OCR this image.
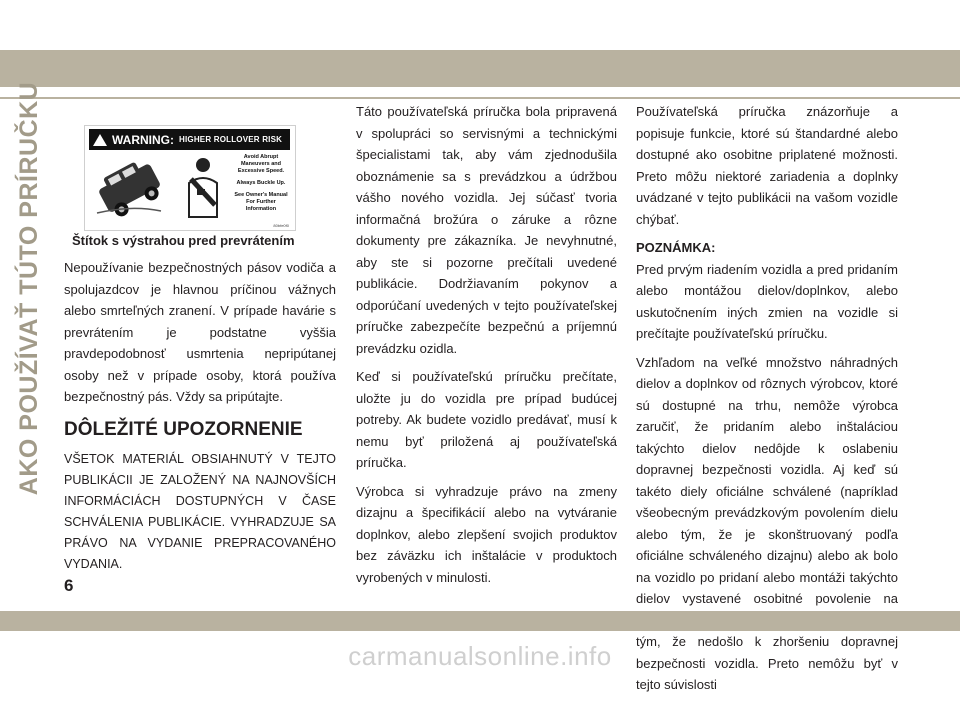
AKO POUŽÍVAŤ TÚTO PRÍRUČKU	WARNING: HIGHER ROLLOVER RISK
Avoid Abrupt Maneuvers and Excessive Speed.
Always Buckle Up.
See Owner's Manual For Further Information
80bfe0f0
Štítok s výstrahou pred prevrátením

Nepoužívanie bezpečnostných pásov vodiča a spolujazdcov je hlavnou príčinou vážnych alebo smrteľných zranení. V prípade havárie s prevrátením je podstatne vyššia pravdepodobnosť usmrtenia nepripútanej osoby než v prípade osoby, ktorá používa bezpečnostný pás. Vždy sa pripútajte.

DÔLEŽITÉ UPOZORNENIE

VŠETOK MATERIÁL OBSIAHNUTÝ V TEJTO PUBLIKÁCII JE ZALOŽENÝ NA NAJNOVŠÍCH INFORMÁCIÁCH DOSTUPNÝCH V ČASE SCHVÁLENIA PUBLIKÁCIE. VYHRADZUJE SA PRÁVO NA VYDANIE PREPRACOVANÉHO VYDANIA.

Táto používateľská príručka bola pripravená v spolupráci so servisnými a technickými špecialistami tak, aby vám zjednodušila oboznámenie sa s prevádzkou a údržbou vášho nového vozidla. Jej súčasť tvoria informačná brožúra o záruke a rôzne dokumenty pre zákazníka. Je nevyhnutné, aby ste si pozorne prečítali uvedené publikácie. Dodržiavaním pokynov a odporúčaní uvedených v tejto používateľskej príručke zabezpečíte bezpečnú a príjemnú prevádzku ozidla.

Keď si používateľskú príručku prečítate, uložte ju do vozidla pre prípad budúcej potreby. Ak budete vozidlo predávať, musí k nemu byť priložená aj používateľská príručka.

Výrobca si vyhradzuje právo na zmeny dizajnu a špecifikácií alebo na vytváranie doplnkov, alebo zlepšení svojich produktov bez záväzku ich inštalácie v produktoch vyrobených v minulosti.

Používateľská príručka znázorňuje a popisuje funkcie, ktoré sú štandardné alebo dostupné ako osobitne priplatené možnosti. Preto môžu niektoré zariadenia a doplnky uvádzané v tejto publikácii na vašom vozidle chýbať.

POZNÁMKA:

Pred prvým riadením vozidla a pred pridaním alebo montážou dielov/doplnkov, alebo uskutočnením iných zmien na vozidle si prečítajte používateľskú príručku.

Vzhľadom na veľké množstvo náhradných dielov a doplnkov od rôznych výrobcov, ktoré sú dostupné na trhu, nemôže výrobca zaručiť, že pridaním alebo inštaláciou takýchto dielov nedôjde k oslabeniu dopravnej bezpečnosti vozidla. Aj keď sú takéto diely oficiálne schválené (napríklad všeobecným prevádzkovým povolením dielu alebo tým, že je skonštruovaný podľa oficiálne schváleného dizajnu) alebo ak bolo na vozidlo po pridaní alebo montáži takýchto dielov vystavené osobitné povolenie na tým, že nedošlo k zhoršeniu dopravnej bezpečnosti vozidla. Preto nemôžu byť v tejto súvislosti

6
carmanualsonline.info
